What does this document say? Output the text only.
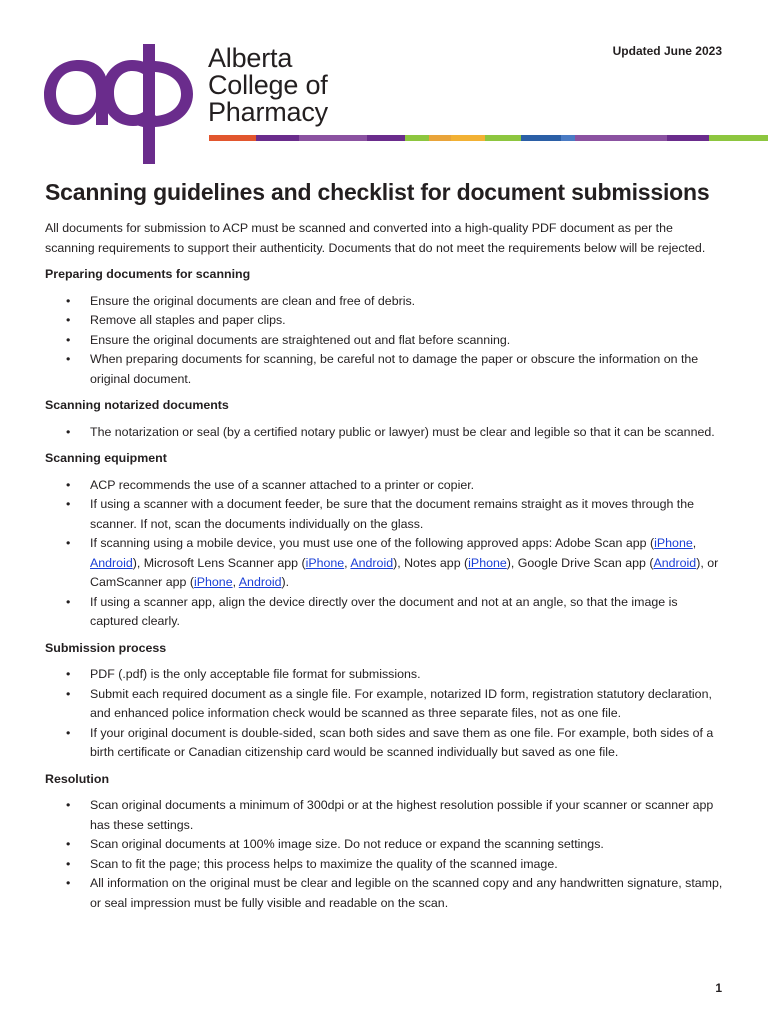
Alberta
College of
Pharmacy
Updated June 2023
Scanning guidelines and checklist for document submissions

All documents for submission to ACP must be scanned and converted into a high-quality PDF document as per the scanning requirements to support their authenticity. Documents that do not meet the requirements below will be rejected.

Preparing documents for scanning
• Ensure the original documents are clean and free of debris.
• Remove all staples and paper clips.
• Ensure the original documents are straightened out and flat before scanning.
• When preparing documents for scanning, be careful not to damage the paper or obscure the information on the original document.
Scanning notarized documents
• The notarization or seal (by a certified notary public or lawyer) must be clear and legible so that it can be scanned.
Scanning equipment
• ACP recommends the use of a scanner attached to a printer or copier.
• If using a scanner with a document feeder, be sure that the document remains straight as it moves through the scanner. If not, scan the documents individually on the glass.
• If scanning using a mobile device, you must use one of the following approved apps: Adobe Scan app (iPhone, Android), Microsoft Lens Scanner app (iPhone, Android), Notes app (iPhone), Google Drive Scan app (Android), or CamScanner app (iPhone, Android).
• If using a scanner app, align the device directly over the document and not at an angle, so that the image is captured clearly.
Submission process
• PDF (.pdf) is the only acceptable file format for submissions.
• Submit each required document as a single file. For example, notarized ID form, registration statutory declaration, and enhanced police information check would be scanned as three separate files, not as one file.
• If your original document is double-sided, scan both sides and save them as one file. For example, both sides of a birth certificate or Canadian citizenship card would be scanned individually but saved as one file.
Resolution
• Scan original documents a minimum of 300dpi or at the highest resolution possible if your scanner or scanner app has these settings.
• Scan original documents at 100% image size. Do not reduce or expand the scanning settings.
• Scan to fit the page; this process helps to maximize the quality of the scanned image.
• All information on the original must be clear and legible on the scanned copy and any handwritten signature, stamp, or seal impression must be fully visible and readable on the scan.
1
